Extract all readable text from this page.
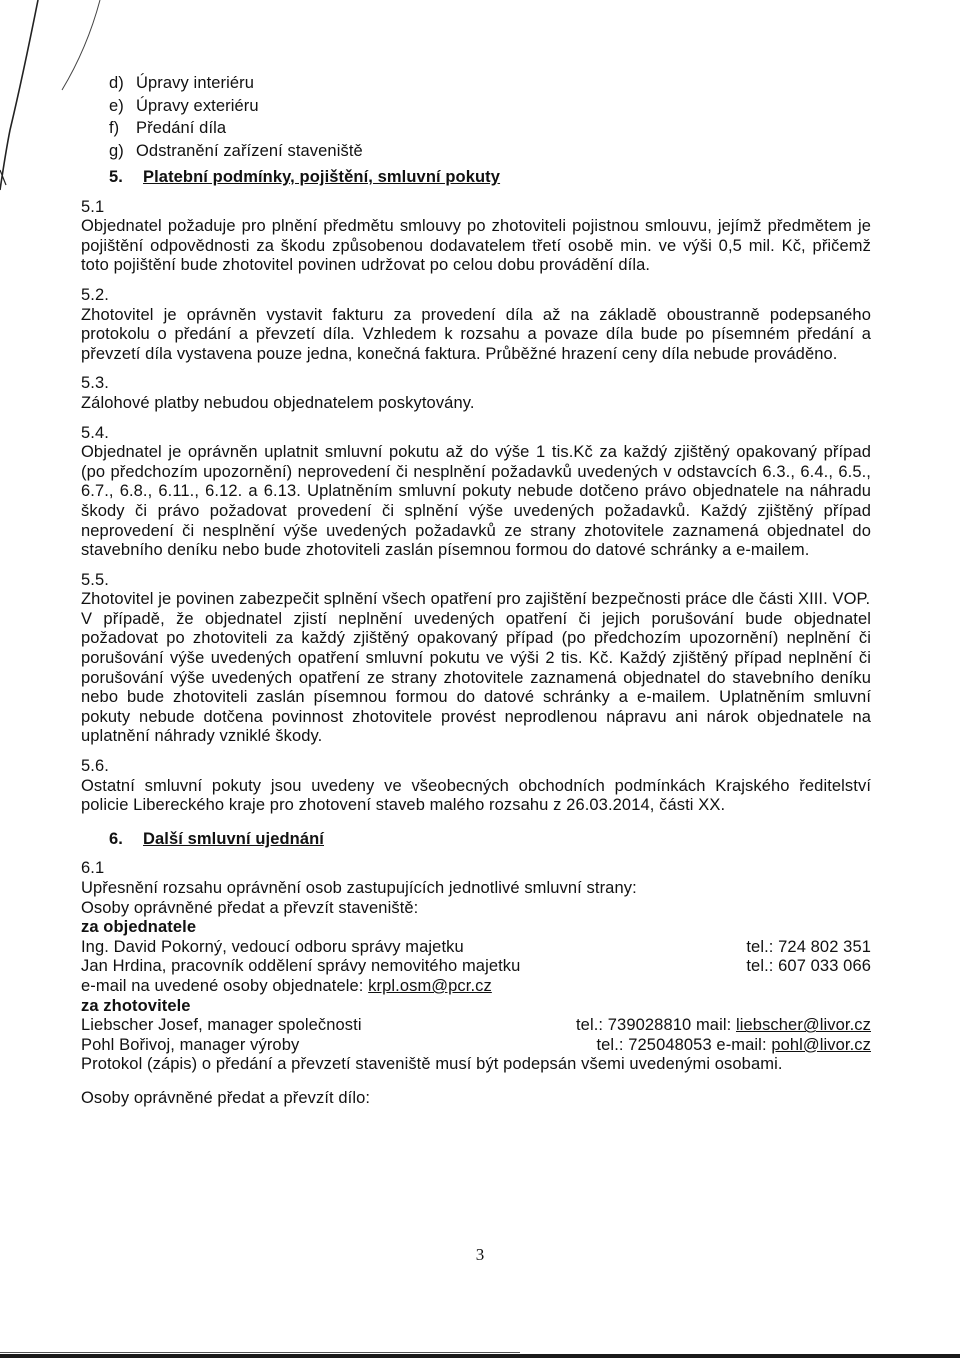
d) Úpravy interiéru
e) Úpravy exteriéru
f) Předání díla
g) Odstranění zařízení staveniště
5. Platební podmínky, pojištění, smluvní pokuty
5.1

Objednatel požaduje pro plnění předmětu smlouvy po zhotoviteli pojistnou smlouvu, jejímž předmětem je pojištění odpovědnosti za škodu způsobenou dodavatelem třetí osobě min. ve výši 0,5 mil. Kč, přičemž toto pojištění bude zhotovitel povinen udržovat po celou dobu provádění díla.

5.2.

Zhotovitel je oprávněn vystavit fakturu za provedení díla až na základě oboustranně podepsaného protokolu o předání a převzetí díla. Vzhledem k rozsahu a povaze díla bude po písemném předání a převzetí díla vystavena pouze jedna, konečná faktura. Průběžné hrazení ceny díla nebude prováděno.

5.3.

Zálohové platby nebudou objednatelem poskytovány.

5.4.

Objednatel je oprávněn uplatnit smluvní pokutu až do výše 1 tis.Kč za každý zjištěný opakovaný případ (po předchozím upozornění) neprovedení či nesplnění požadavků uvedených v odstavcích 6.3., 6.4., 6.5., 6.7., 6.8., 6.11., 6.12. a 6.13. Uplatněním smluvní pokuty nebude dotčeno právo objednatele na náhradu škody či právo požadovat provedení či splnění výše uvedených požadavků. Každý zjištěný případ neprovedení či nesplnění výše uvedených požadavků ze strany zhotovitele zaznamená objednatel do stavebního deníku nebo bude zhotoviteli zaslán písemnou formou do datové schránky a e-mailem.

5.5.

Zhotovitel je povinen zabezpečit splnění všech opatření pro zajištění bezpečnosti práce dle části XIII. VOP.

V případě, že objednatel zjistí neplnění uvedených opatření či jejich porušování bude objednatel požadovat po zhotoviteli za každý zjištěný opakovaný případ (po předchozím upozornění) neplnění či porušování výše uvedených opatření smluvní pokutu ve výši 2 tis. Kč. Každý zjištěný případ neplnění či porušování výše uvedených opatření ze strany zhotovitele zaznamená objednatel do stavebního deníku nebo bude zhotoviteli zaslán písemnou formou do datové schránky a e-mailem. Uplatněním smluvní pokuty nebude dotčena povinnost zhotovitele provést neprodlenou nápravu ani nárok objednatele na uplatnění náhrady vzniklé škody.

5.6.

Ostatní smluvní pokuty jsou uvedeny ve všeobecných obchodních podmínkách Krajského ředitelství policie Libereckého kraje pro zhotovení staveb malého rozsahu z 26.03.2014, části XX.

6. Další smluvní ujednání
6.1

Upřesnění rozsahu oprávnění osob zastupujících jednotlivé smluvní strany:

Osoby oprávněné předat a převzít staveniště:

za objednatele
Ing. David Pokorný, vedoucí odboru správy majetku	tel.: 724 802 351
Jan Hrdina, pracovník oddělení správy nemovitého majetku	tel.: 607 033 066
e-mail na uvedené osoby objednatele: krpl.osm@pcr.cz
za zhotovitele
Liebscher Josef, manager společnosti	tel.: 739028810 mail: liebscher@livor.cz
Pohl Bořivoj, manager výroby	tel.: 725048053 e-mail: pohl@livor.cz

Protokol (zápis) o předání a převzetí staveniště musí být podepsán všemi uvedenými osobami.

Osoby oprávněné předat a převzít dílo:

3
